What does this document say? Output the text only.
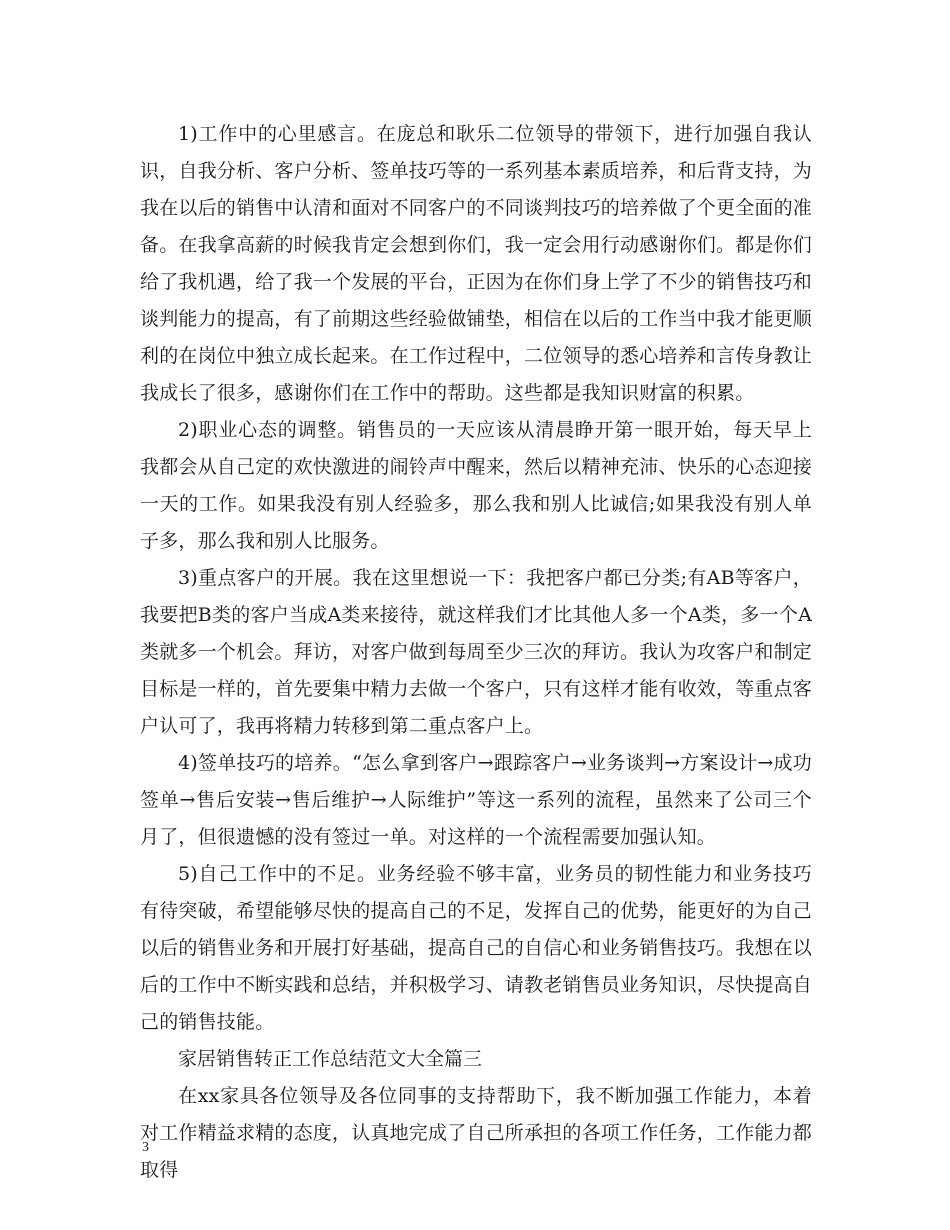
1)工作中的心里感言。在庞总和耿乐二位领导的带领下，进行加强自我认识，自我分析、客户分析、签单技巧等的一系列基本素质培养，和后背支持，为我在以后的销售中认清和面对不同客户的不同谈判技巧的培养做了个更全面的准备。在我拿高薪的时候我肯定会想到你们，我一定会用行动感谢你们。都是你们给了我机遇，给了我一个发展的平台，正因为在你们身上学了不少的销售技巧和谈判能力的提高，有了前期这些经验做铺垫，相信在以后的工作当中我才能更顺利的在岗位中独立成长起来。在工作过程中，二位领导的悉心培养和言传身教让我成长了很多，感谢你们在工作中的帮助。这些都是我知识财富的积累。

2)职业心态的调整。销售员的一天应该从清晨睁开第一眼开始，每天早上我都会从自己定的欢快激进的闹铃声中醒来，然后以精神充沛、快乐的心态迎接一天的工作。如果我没有别人经验多，那么我和别人比诚信;如果我没有别人单子多，那么我和别人比服务。

3)重点客户的开展。我在这里想说一下：我把客户都已分类;有AB等客户，我要把B类的客户当成A类来接待，就这样我们才比其他人多一个A类，多一个A类就多一个机会。拜访，对客户做到每周至少三次的拜访。我认为攻客户和制定目标是一样的，首先要集中精力去做一个客户，只有这样才能有收效，等重点客户认可了，我再将精力转移到第二重点客户上。

4)签单技巧的培养。“怎么拿到客户→跟踪客户→业务谈判→方案设计→成功签单→售后安装→售后维护→人际维护”等这一系列的流程，虽然来了公司三个月了，但很遗憾的没有签过一单。对这样的一个流程需要加强认知。

5)自己工作中的不足。业务经验不够丰富，业务员的韧性能力和业务技巧有待突破，希望能够尽快的提高自己的不足，发挥自己的优势，能更好的为自己以后的销售业务和开展打好基础，提高自己的自信心和业务销售技巧。我想在以后的工作中不断实践和总结，并积极学习、请教老销售员业务知识，尽快提高自己的销售技能。

家居销售转正工作总结范文大全篇三

在xx家具各位领导及各位同事的支持帮助下，我不断加强工作能力，本着对工作精益求精的态度，认真地完成了自己所承担的各项工作任务，工作能力都取得

3
